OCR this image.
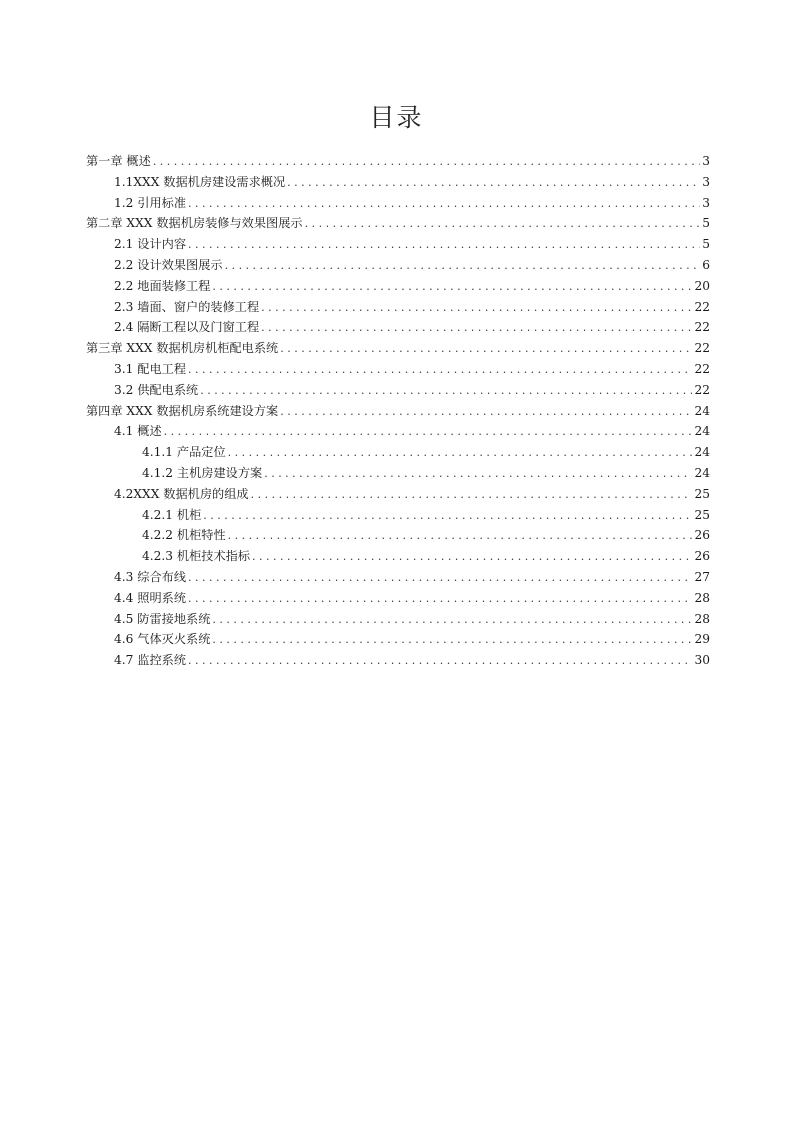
目录
第一章 概述 . . .	3
1.1XXX 数据机房建设需求概况 . . .	3
1.2 引用标准 . . .	3
第二章 XXX 数据机房装修与效果图展示 . . .	5
2.1 设计内容 . . .	5
2.2 设计效果图展示 . . .	6
2.2 地面装修工程 . . .	20
2.3 墙面、窗户的装修工程 . . .	22
2.4 隔断工程以及门窗工程 . . .	22
第三章 XXX 数据机房机柜配电系统 . . .	22
3.1 配电工程 . . .	22
3.2 供配电系统 . . .	22
第四章 XXX 数据机房系统建设方案 . . .	24
4.1 概述 . . .	24
4.1.1 产品定位 . . .	24
4.1.2 主机房建设方案 . . .	24
4.2XXX 数据机房的组成 . . .	25
4.2.1 机柜 . . .	25
4.2.2 机柜特性 . . .	26
4.2.3 机柜技术指标 . . .	26
4.3 综合布线 . . .	27
4.4 照明系统 . . .	28
4.5 防雷接地系统 . . .	28
4.6 气体灭火系统 . . .	29
4.7 监控系统 . . .	30
